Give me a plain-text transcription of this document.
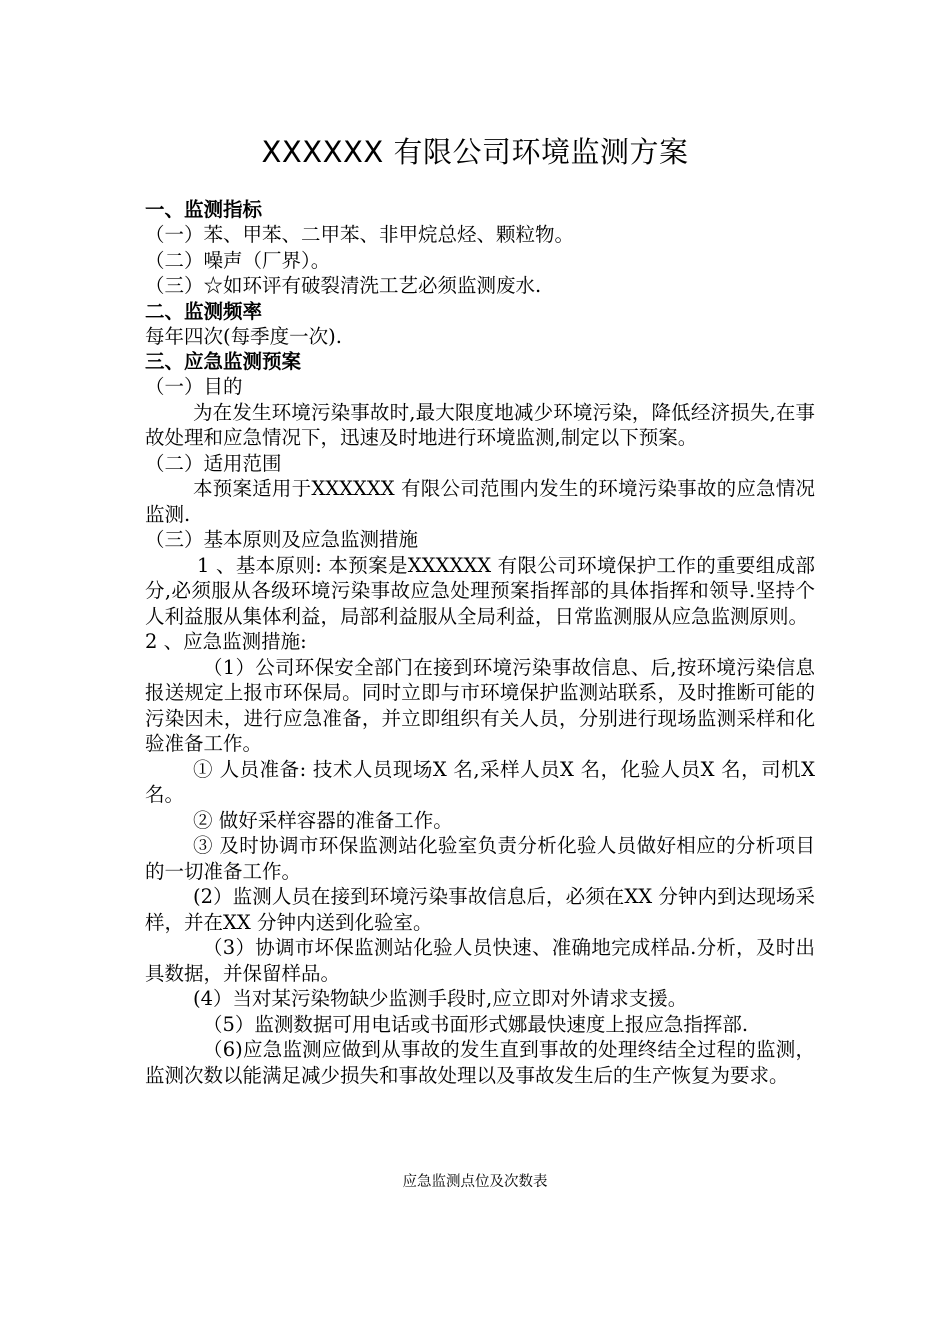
XXXXXX 有限公司环境监测方案
一、监测指标
（一）苯、甲苯、二甲苯、非甲烷总烃、颗粒物。
（二）噪声（厂界）。
（三）☆如环评有破裂清洗工艺必须监测废水.
二、监测频率
每年四次(每季度一次).
三、应急监测预案
（一）目的
为在发生环境污染事故时,最大限度地减少环境污染，降低经济损失,在事故处理和应急情况下，迅速及时地进行环境监测,制定以下预案。
（二）适用范围
本预案适用于XXXXXX 有限公司范围内发生的环境污染事故的应急情况监测.
（三）基本原则及应急监测措施
1 、基本原则: 本预案是XXXXXX 有限公司环境保护工作的重要组成部分,必须服从各级环境污染事故应急处理预案指挥部的具体指挥和领导.坚持个人利益服从集体利益，局部利益服从全局利益，日常监测服从应急监测原则。
2 、应急监测措施:
（1）公司环保安全部门在接到环境污染事故信息、后,按环境污染信息报送规定上报市环保局。同时立即与市环境保护监测站联系，及时推断可能的污染因未，进行应急准备，并立即组织有关人员，分别进行现场监测采样和化验准备工作。
① 人员准备: 技术人员现场X 名,采样人员X 名，化验人员X 名，司机X 名。
② 做好采样容器的准备工作。
③ 及时协调市环保监测站化验室负责分析化验人员做好相应的分析项目的一切准备工作。
(2）监测人员在接到环境污染事故信息后，必须在XX 分钟内到达现场采样，并在XX 分钟内送到化验室。
（3）协调市坏保监测站化验人员快速、准确地完成样品.分析，及时出具数据，并保留样品。
(4）当对某污染物缺少监测手段时,应立即对外请求支援。
（5）监测数据可用电话或书面形式娜最快速度上报应急指挥部.
（6)应急监测应做到从事故的发生直到事故的处理终结全过程的监测，监测次数以能满足减少损失和事故处理以及事故发生后的生产恢复为要求。
应急监测点位及次数表
